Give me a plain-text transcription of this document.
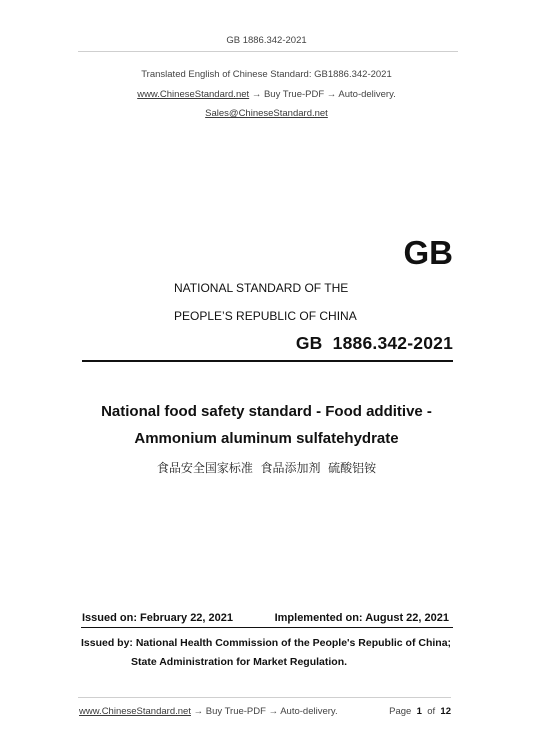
GB 1886.342-2021
Translated English of Chinese Standard: GB1886.342-2021
www.ChineseStandard.net → Buy True-PDF → Auto-delivery.
Sales@ChineseStandard.net
GB
NATIONAL STANDARD OF THE
PEOPLE’S REPUBLIC OF CHINA
GB  1886.342-2021
National food safety standard - Food additive -
Ammonium aluminum sulfatehydrate
食品安全国家标准  食品添加剂  硫酸铝铵
Issued on: February 22, 2021	Implemented on: August 22, 2021
Issued by: National Health Commission of the People's Republic of China;
State Administration for Market Regulation.
www.ChineseStandard.net → Buy True-PDF → Auto-delivery.	Page 1 of 12
